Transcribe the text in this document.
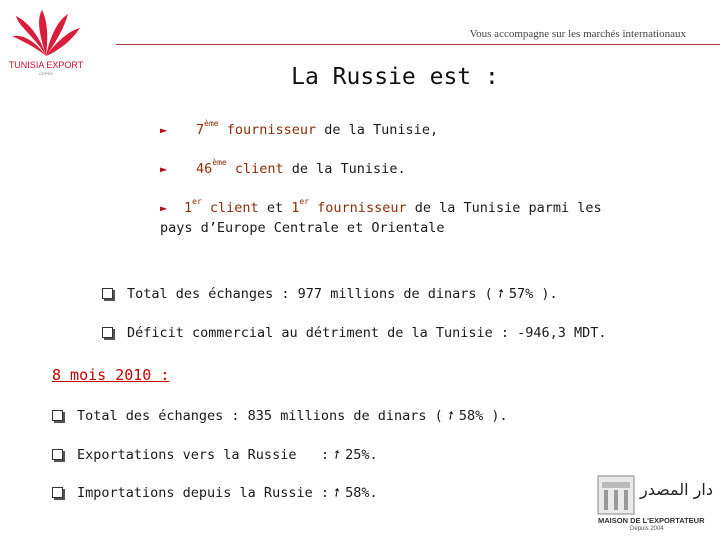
TUNISIA EXPORT
CEPEX
Vous accompagne sur les marchés internationaux
La Russie est :
► 7ème fournisseur de la Tunisie,
► 46ème client de la Tunisie.
► 1er client et 1er fournisseur de la Tunisie parmi les
pays d’Europe Centrale et Orientale
Total des échanges : 977 millions de dinars (➚57% ).
Déficit commercial au détriment de la Tunisie : -946,3 MDT.
8 mois 2010 :
Total des échanges : 835 millions de dinars (➚58% ).
Exportations vers la Russie   :➚25%.
Importations depuis la Russie :➚58%.	دار المصدر
MAISON DE L'EXPORTATEUR
Depuis 2004
